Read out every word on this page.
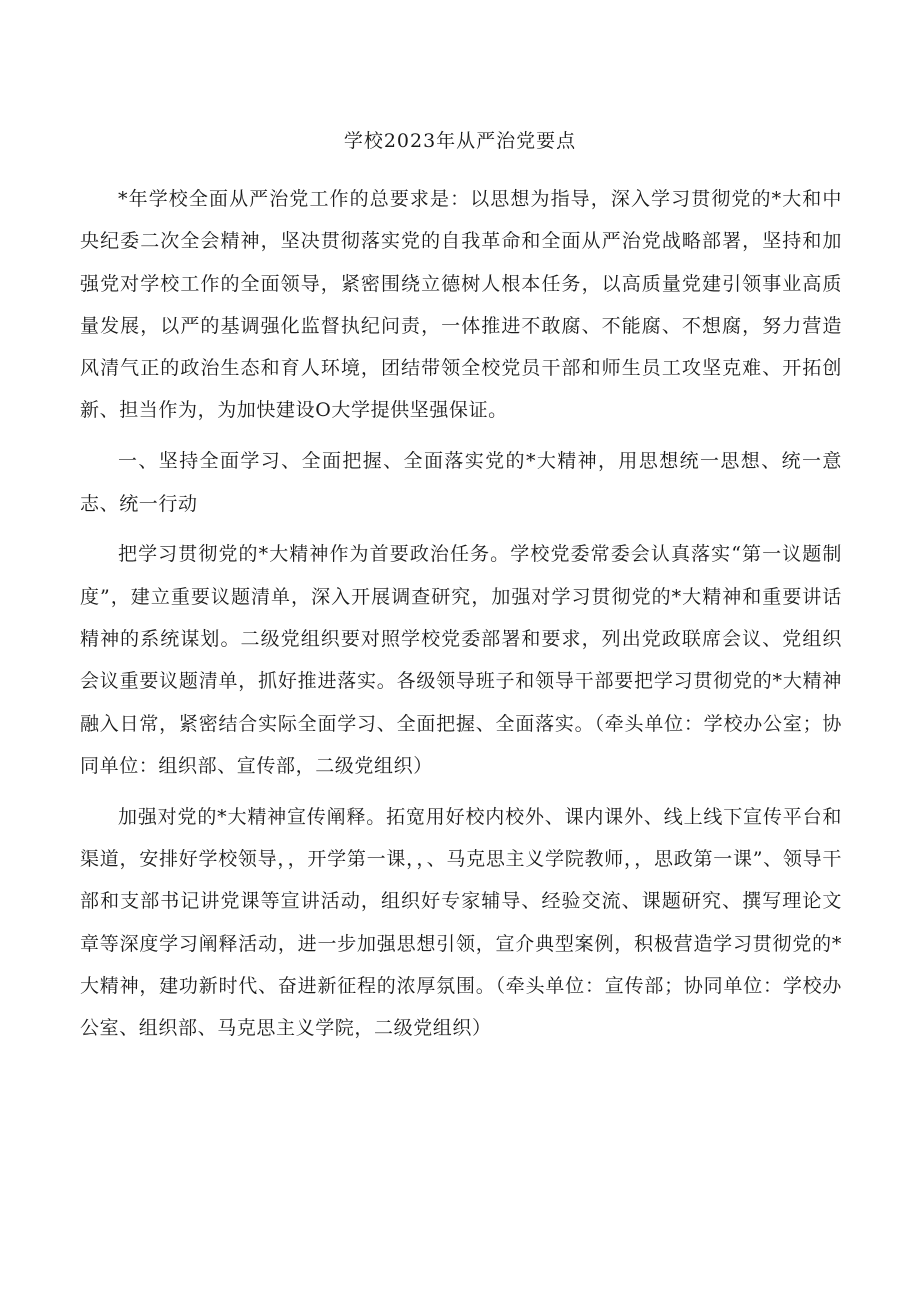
学校2023年从严治党要点

*年学校全面从严治党工作的总要求是：以思想为指导，深入学习贯彻党的*大和中央纪委二次全会精神，坚决贯彻落实党的自我革命和全面从严治党战略部署，坚持和加强党对学校工作的全面领导，紧密围绕立德树人根本任务，以高质量党建引领事业高质量发展，以严的基调强化监督执纪问责，一体推进不敢腐、不能腐、不想腐，努力营造风清气正的政治生态和育人环境，团结带领全校党员干部和师生员工攻坚克难、开拓创新、担当作为，为加快建设O大学提供坚强保证。

一、坚持全面学习、全面把握、全面落实党的*大精神，用思想统一思想、统一意志、统一行动

把学习贯彻党的*大精神作为首要政治任务。学校党委常委会认真落实“第一议题制度”，建立重要议题清单，深入开展调查研究，加强对学习贯彻党的*大精神和重要讲话精神的系统谋划。二级党组织要对照学校党委部署和要求，列出党政联席会议、党组织会议重要议题清单，抓好推进落实。各级领导班子和领导干部要把学习贯彻党的*大精神融入日常，紧密结合实际全面学习、全面把握、全面落实。（牵头单位：学校办公室；协同单位：组织部、宣传部，二级党组织）

加强对党的*大精神宣传阐释。拓宽用好校内校外、课内课外、线上线下宣传平台和渠道，安排好学校领导，，开学第一课，，、马克思主义学院教师，，思政第一课”、领导干部和支部书记讲党课等宣讲活动，组织好专家辅导、经验交流、课题研究、撰写理论文章等深度学习阐释活动，进一步加强思想引领，宣介典型案例，积极营造学习贯彻党的*大精神，建功新时代、奋进新征程的浓厚氛围。（牵头单位：宣传部；协同单位：学校办公室、组织部、马克思主义学院，二级党组织）
